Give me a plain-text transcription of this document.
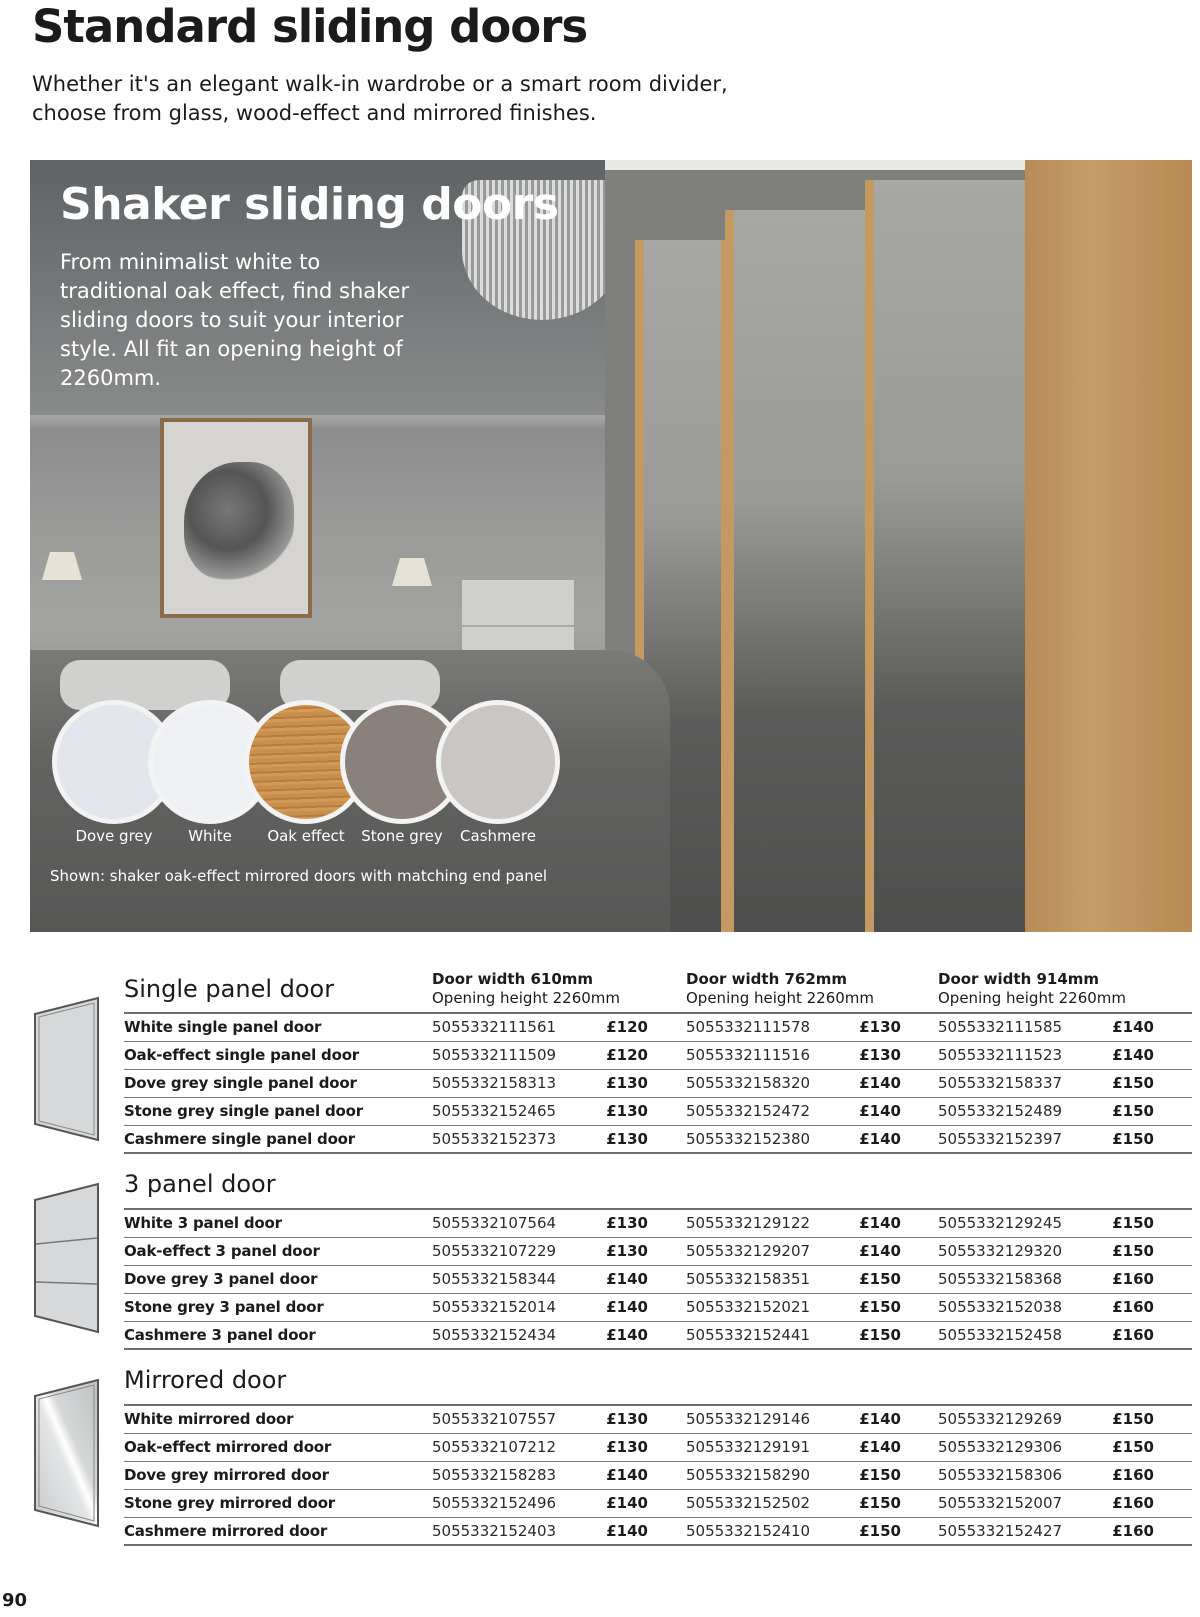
Standard sliding doors

Whether it's an elegant walk-in wardrobe or a smart room divider, choose from glass, wood-effect and mirrored finishes.

Shaker sliding doors
From minimalist white to traditional oak effect, find shaker sliding doors to suit your interior style. All fit an opening height of 2260mm.
Dove grey	White	Oak effect	Stone grey	Cashmere
Shown: shaker oak-effect mirrored doors with matching end panel
Door width 610mm
Opening height 2260mm
Door width 762mm
Opening height 2260mm
Door width 914mm
Opening height 2260mm
Single panel door
White single panel door	5055332111561	£120	5055332111578	£130 5055332111585	£140
Oak-effect single panel door	5055332111509	£120	5055332111516	£130 5055332111523	£140
Dove grey single panel door	5055332158313	£130	5055332158320	£140 5055332158337	£150
Stone grey single panel door	5055332152465	£130	5055332152472	£140 5055332152489	£150
Cashmere single panel door	5055332152373	£130	5055332152380	£140 5055332152397	£150
3 panel door
White 3 panel door	5055332107564	£130	5055332129122	£140 5055332129245	£150
Oak-effect 3 panel door	5055332107229	£130	5055332129207	£140 5055332129320	£150
Dove grey 3 panel door	5055332158344	£140	5055332158351	£150 5055332158368	£160
Stone grey 3 panel door	5055332152014	£140	5055332152021	£150 5055332152038	£160
Cashmere 3 panel door	5055332152434	£140	5055332152441	£150 5055332152458	£160
Mirrored door
White mirrored door	5055332107557	£130	5055332129146	£140 5055332129269	£150
Oak-effect mirrored door	5055332107212	£130	5055332129191	£140 5055332129306	£150
Dove grey mirrored door	5055332158283	£140	5055332158290	£150 5055332158306	£160
Stone grey mirrored door	5055332152496	£140	5055332152502	£150 5055332152007	£160
Cashmere mirrored door	5055332152403	£140	5055332152410	£150 5055332152427	£160
90
